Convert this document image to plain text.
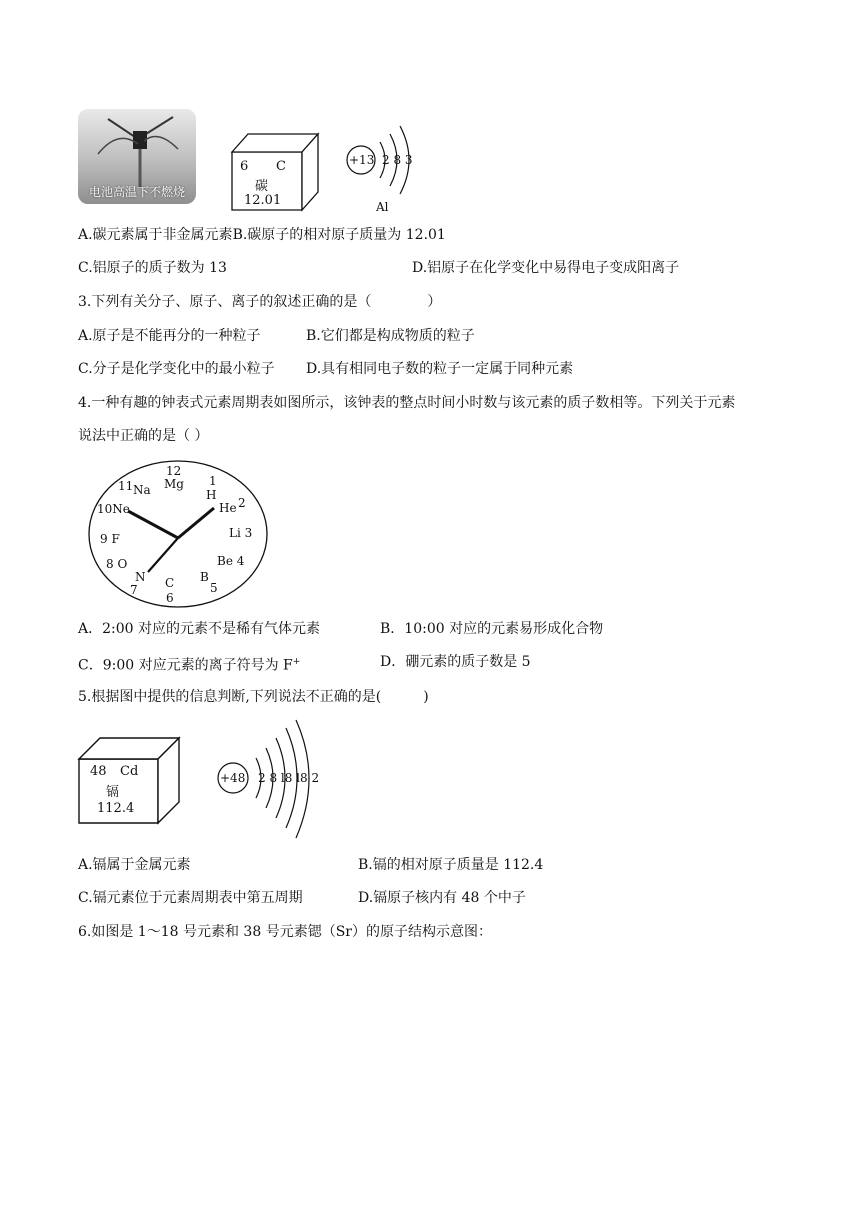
电池高温下不燃烧
6 C
碳
12.01
+13 2 8 3
Al
A.碳元素属于非金属元素B.碳原子的相对原子质量为 12.01
C.铝原子的质子数为 13	D.铝原子在化学变化中易得电子变成阳离子
3.下列有关分子、原子、离子的叙述正确的是（　　　　）
A.原子是不能再分的一种粒子	B.它们都是构成物质的粒子
C.分子是化学变化中的最小粒子 D.具有相同电子数的粒子一定属于同种元素
4.一种有趣的钟表式元素周期表如图所示，该钟表的整点时间小时数与该元素的质子数相等。下列关于元素
说法中正确的是（ ）
12
Mg 1
H
He 2
Li 3
Be 4
B
5
C
6
N
7
8 O
9 F
10Ne
11 Na
A．2:00 对应的元素不是稀有气体元素	B．10:00 对应的元素易形成化合物
C．9:00 对应元素的离子符号为 F+	D．硼元素的质子数是 5
5.根据图中提供的信息判断,下列说法不正确的是(　　　)
48 Cd
镉
112.4
+48 2 8 l8 l8 2
A.镉属于金属元素	B.镉的相对原子质量是 112.4
C.镉元素位于元素周期表中第五周期	D.镉原子核内有 48 个中子
6.如图是 1～18 号元素和 38 号元素锶（Sr）的原子结构示意图：
